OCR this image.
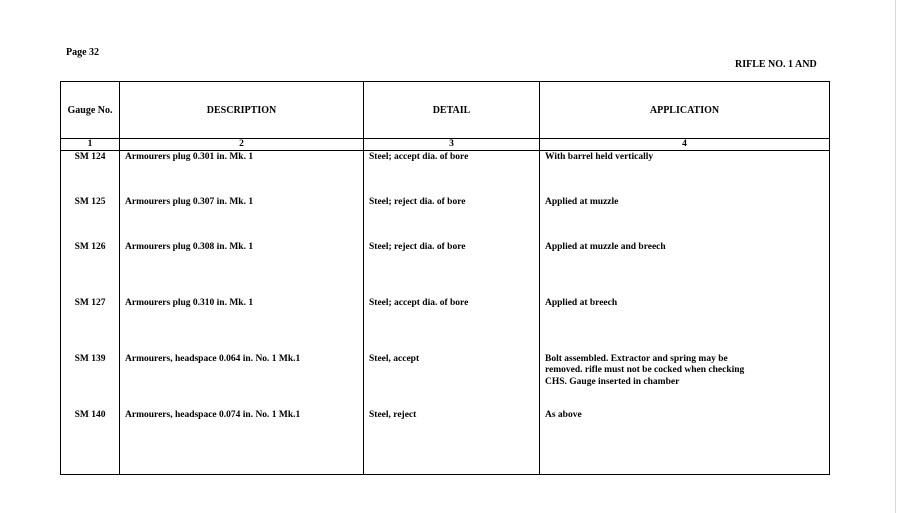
Page 32
RIFLE NO. 1 AND
Gauge No.	DESCRIPTION	DETAIL	APPLICATION
1	2	3	4

SM 124	Armourers plug 0.301 in. Mk. 1	Steel; accept dia. of bore	With barrel held vertically

SM 125	Armourers plug 0.307 in. Mk. 1	Steel; reject dia. of bore	Applied at muzzle

SM 126	Armourers plug 0.308 in. Mk. 1	Steel; reject dia. of bore	Applied at muzzle and breech

SM 127	Armourers plug 0.310 in. Mk. 1	Steel; accept dia. of bore	Applied at breech

SM 139	Armourers, headspace 0.064 in. No. 1 Mk.1	Steel, accept	Bolt assembled. Extractor and spring may be
removed. rifle must not be cocked when checking
CHS. Gauge inserted in chamber

SM 140	Armourers, headspace 0.074 in. No. 1 Mk.1	Steel, reject	As above
